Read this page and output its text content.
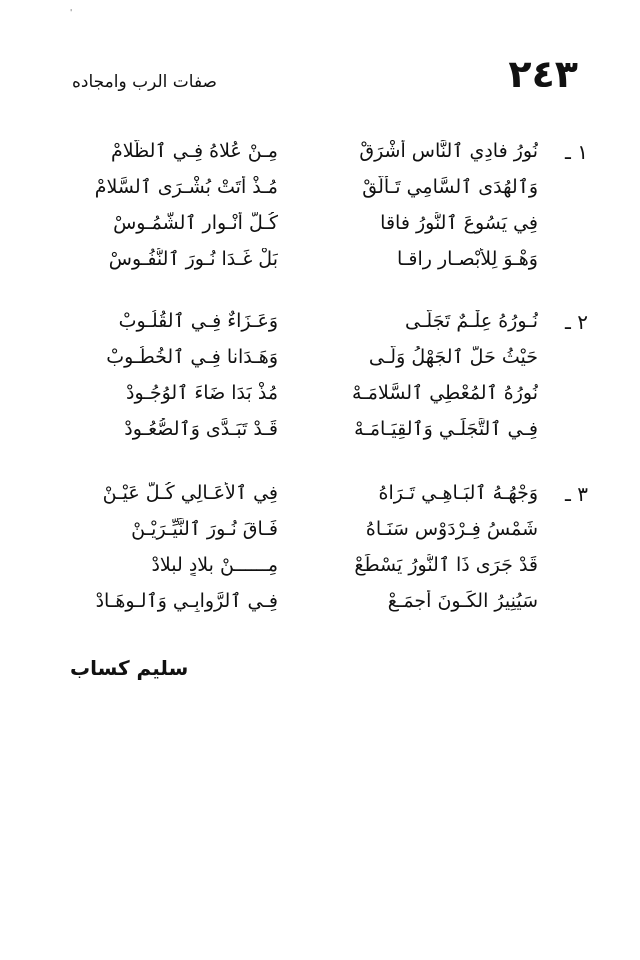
'
٢٤٣
صفات الرب وامجاده
١ ـ
نُورُ فادِي ٱلنَّاسِ أَشْرَقْ
مِـنْ عُلاهُ فِـي ٱلظَّلامْ
وَٱلهُدَى ٱلسَّامِي تَـأَلَّقْ
مُـذْ أَتَتْ بُشْـرَى ٱلسَّلامْ
فِي يَسُوعَ ٱلنُّورُ فاقا
كُـلَّ أَنْـوارِ ٱلشُّمُـوسْ
وَهْـوَ لِلأَبْصـارِ راقـا
بَلْ غَـدَا نُـورَ ٱلنُّفُـوسْ
٢ ـ
نُـورُهُ عِلْـمٌ تَجَلَّـى
وَعَـزَاءٌ فِـي ٱلقُلُـوبْ
حَيْثُ حَلَّ ٱلجَهْلُ وَلَّـى
وَهَـدَانا فِـي ٱلخُطُـوبْ
نُورُهُ ٱلمُعْطِي ٱلسَّلامَـهْ
مُذْ بَدَا ضَاءَ ٱلوُجُـودْ
فِـي ٱلتَّجَلِّـي وَٱلقِيَـامَـهْ
قَـدْ تَبَـدَّى وَٱلصُّعُـودْ
٣ ـ
وَجْهُـهُ ٱلبَـاهِـي تَـرَاهُ
فِي ٱلأَعَـالِي كُـلُّ عَيْـنْ
شَمْسُ فِـرْدَوْسٍ سَنَـاهُ
فَـاقَ نُـورَ ٱلنَّيِّـرَيْـنْ
قَدْ جَرَى ذَا ٱلنُّورُ يَسْطَعْ
مِــــــنْ بلادٍ لبلادْ
سَيُنِيرُ الكَـونَ أجمَـعْ
فِـي ٱلرَّوابِـي وَٱلـوِهَـادْ
سليم كساب
